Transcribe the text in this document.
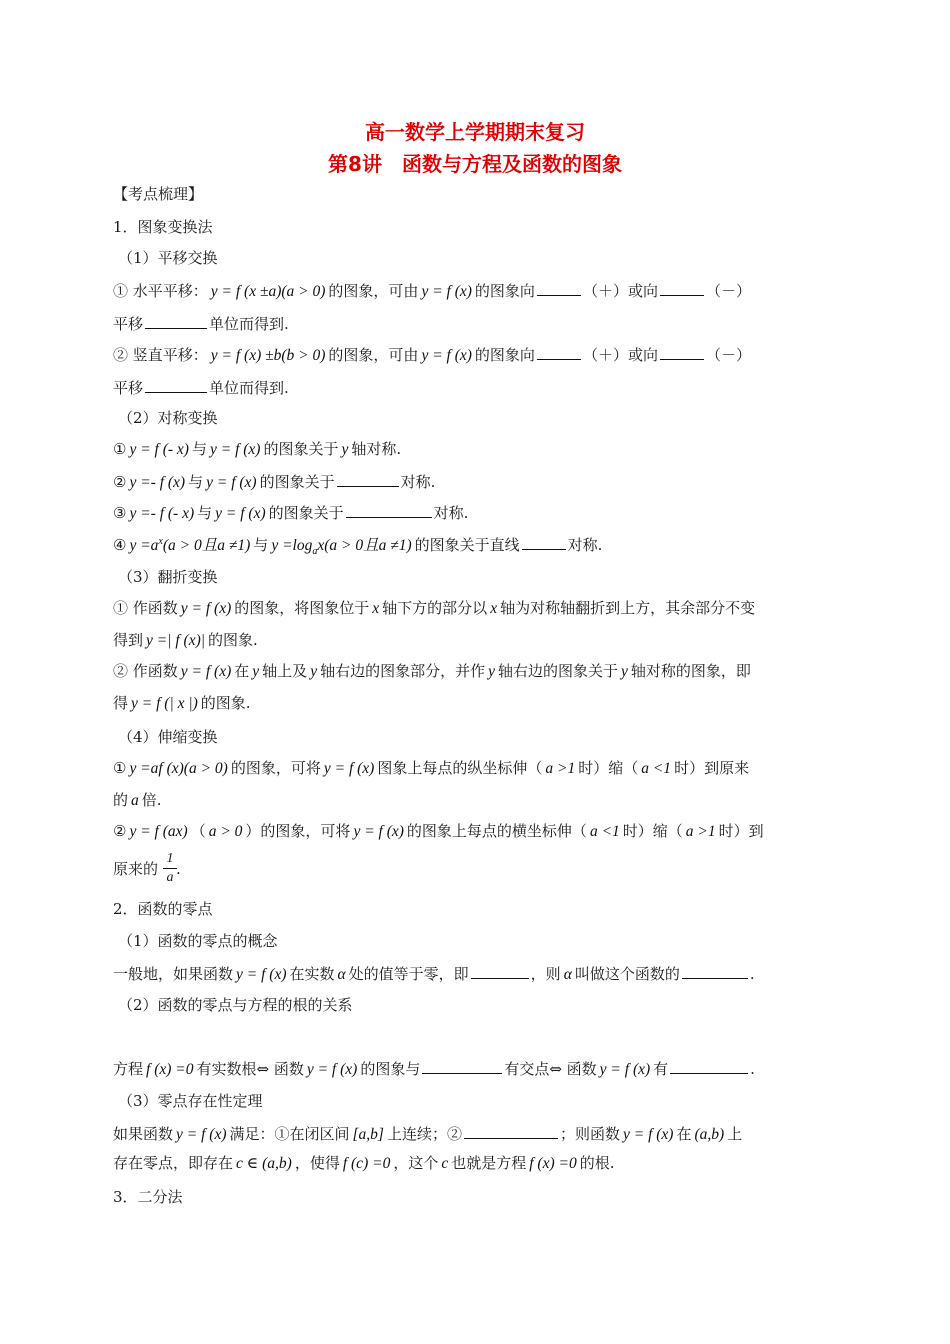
高一数学上学期期末复习
第8讲　函数与方程及函数的图象
【考点梳理】
1．图象变换法
（1）平移交换
① 水平平移： y = f (x ±a)(a > 0) 的图象，可由 y = f (x) 的图象向	（＋）或向	（－）
平移	单位而得到.
② 竖直平移： y = f (x) ±b(b > 0) 的图象，可由 y = f (x) 的图象向	（＋）或向	（－）
平移	单位而得到.
（2）对称变换
① y = f (- x) 与 y = f (x) 的图象关于 y 轴对称.
② y =- f (x) 与 y = f (x) 的图象关于	对称.
③ y =- f (- x) 与 y = f (x) 的图象关于	对称.
④ $y =a^x(a > 0$且a ≠1) 与 $y =\log_ax(a > 0$且a ≠1) 的图象关于直线	对称.
（3）翻折变换
① 作函数 y = f (x) 的图象，将图象位于 x 轴下方的部分以 x 轴为对称轴翻折到上方，其余部分不变
得到 y =| f (x)| 的图象.
② 作函数 y = f (x) 在 y 轴上及 y 轴右边的图象部分，并作 y 轴右边的图象关于 y 轴对称的图象，即
得 y = f (| x |) 的图象.
（4）伸缩变换
① y =af (x)(a > 0) 的图象，可将 y = f (x) 图象上每点的纵坐标伸（ a >1 时）缩（ a <1 时）到原来
的 a 倍.
② y = f (ax) （ a > 0 ）的图象，可将 y = f (x) 的图象上每点的横坐标伸（ a <1 时）缩（ a >1 时）到
原来的 .
1
a
2．函数的零点
（1）函数的零点的概念
一般地，如果函数 y = f (x) 在实数 α 处的值等于零，即	，则 α 叫做这个函数的	.
（2）函数的零点与方程的根的关系
方程 f (x) =0 有实数根⇔ 函数 y = f (x) 的图象与	有交点⇔ 函数 y = f (x) 有	.
（3）零点存在性定理
如果函数 y = f (x) 满足：①在闭区间 [a,b] 上连续；②	；则函数 y = f (x) 在 (a,b) 上
存在零点，即存在 c ∈ (a,b) ，使得 f (c) =0 ，这个 c 也就是方程 f (x) =0 的根.
3．二分法
